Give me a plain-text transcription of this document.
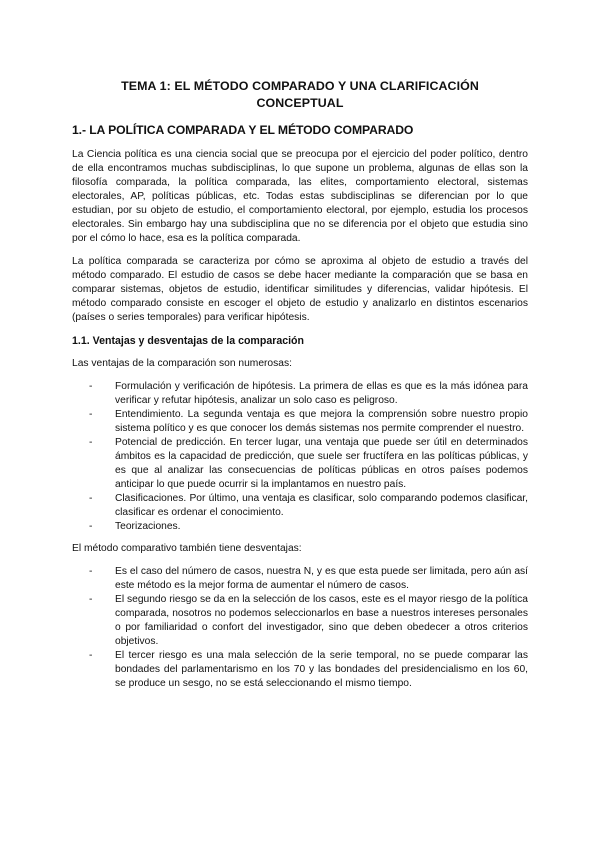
TEMA 1: EL MÉTODO COMPARADO Y UNA CLARIFICACIÓN CONCEPTUAL
1.- LA POLÍTICA COMPARADA Y EL MÉTODO COMPARADO

La Ciencia política es una ciencia social que se preocupa por el ejercicio del poder político, dentro de ella encontramos muchas subdisciplinas, lo que supone un problema, algunas de ellas son la filosofía comparada, la política comparada, las elites, comportamiento electoral, sistemas electorales, AP, políticas públicas, etc. Todas estas subdisciplinas se diferencian por lo que estudian, por su objeto de estudio, el comportamiento electoral, por ejemplo, estudia los procesos electorales. Sin embargo hay una subdisciplina que no se diferencia por el objeto que estudia sino por el cómo lo hace, esa es la política comparada.

La política comparada se caracteriza por cómo se aproxima al objeto de estudio a través del método comparado. El estudio de casos se debe hacer mediante la comparación que se basa en comparar sistemas, objetos de estudio, identificar similitudes y diferencias, validar hipótesis. El método comparado consiste en escoger el objeto de estudio y analizarlo en distintos escenarios (países o series temporales) para verificar hipótesis.

1.1. Ventajas y desventajas de la comparación

Las ventajas de la comparación son numerosas:

- Formulación y verificación de hipótesis. La primera de ellas es que es la más idónea para verificar y refutar hipótesis, analizar un solo caso es peligroso.
- Entendimiento. La segunda ventaja es que mejora la comprensión sobre nuestro propio sistema político y es que conocer los demás sistemas nos permite comprender el nuestro.
- Potencial de predicción. En tercer lugar, una ventaja que puede ser útil en determinados ámbitos es la capacidad de predicción, que suele ser fructífera en las políticas públicas, y es que al analizar las consecuencias de políticas públicas en otros países podemos anticipar lo que puede ocurrir si la implantamos en nuestro país.
- Clasificaciones. Por último, una ventaja es clasificar, solo comparando podemos clasificar, clasificar es ordenar el conocimiento.
- Teorizaciones.

El método comparativo también tiene desventajas:

- Es el caso del número de casos, nuestra N, y es que esta puede ser limitada, pero aún así este método es la mejor forma de aumentar el número de casos.
- El segundo riesgo se da en la selección de los casos, este es el mayor riesgo de la política comparada, nosotros no podemos seleccionarlos en base a nuestros intereses personales o por familiaridad o confort del investigador, sino que deben obedecer a otros criterios objetivos.
- El tercer riesgo es una mala selección de la serie temporal, no se puede comparar las bondades del parlamentarismo en los 70 y las bondades del presidencialismo en los 60, se produce un sesgo, no se está seleccionando el mismo tiempo.
